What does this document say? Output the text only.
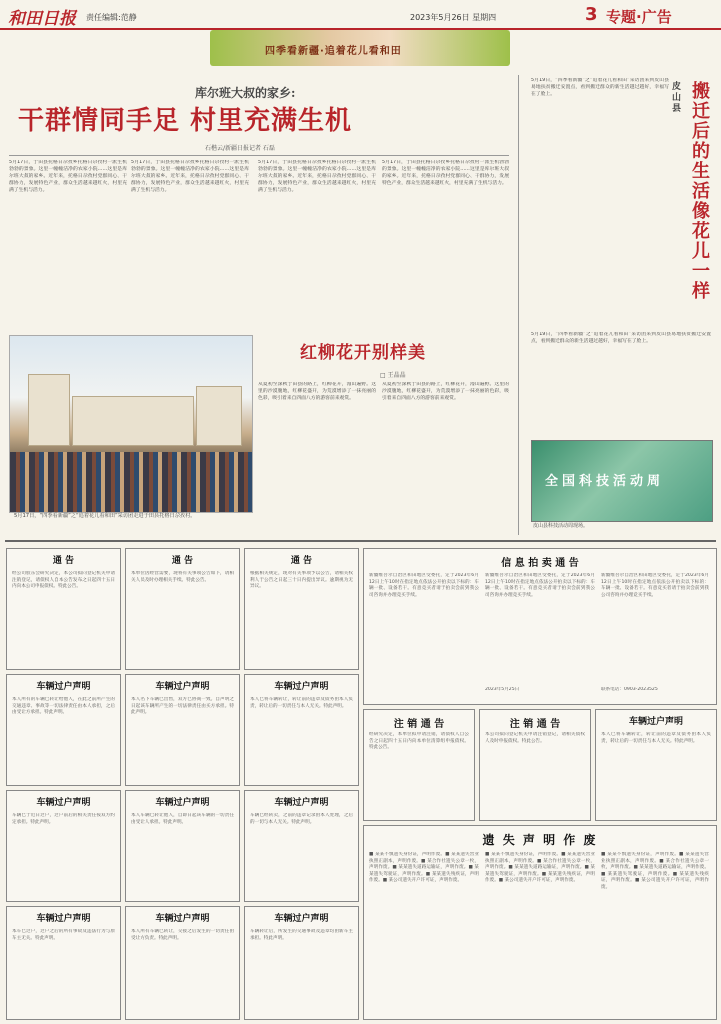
和田日报 责任编辑:范静	2023年5月26日 星期四	3 专题·广告
四季看新疆·追着花儿看和田
库尔班大叔的家乡:
干群情同手足 村里充满生机
石楷云/新疆日报记者 石磊
5月17日，于田县托格日尕孜乡托格日尕孜村一派生机勃勃的景象。这里一幢幢洁净的农家小院……这里是库尔班大叔的家乡。近年来，托格日尕孜村党群同心、干群协力，发展特色产业，群众生活越来越红火，村里充满了生机与活力。
5月17日，于田县托格日尕孜乡托格日尕孜村一派生机勃勃的景象。这里一幢幢洁净的农家小院……这里是库尔班大叔的家乡。近年来，托格日尕孜村党群同心、干群协力，发展特色产业，群众生活越来越红火，村里充满了生机与活力。
5月17日，于田县托格日尕孜乡托格日尕孜村一派生机勃勃的景象。这里一幢幢洁净的农家小院……这里是库尔班大叔的家乡。近年来，托格日尕孜村党群同心、干群协力，发展特色产业，群众生活越来越红火，村里充满了生机与活力。
5月17日，于田县托格日尕孜乡托格日尕孜村一派生机勃勃的景象。这里一幢幢洁净的农家小院……这里是库尔班大叔的家乡。近年来，托格日尕孜村党群同心、干群协力，发展特色产业，群众生活越来越红火，村里充满了生机与活力。
5月17日，“四季看新疆”之“追着花儿看和田”采访团走进于田县托格日尕孜村。
红柳花开别样美
□ 王晶晶
从夏初至深秋于田县的路上，红柳花开，漫山遍野。这里的沙漠腹地，红柳花盛开，为荒漠增添了一抹亮丽的色彩，吸引着来自四面八方的游客前来观赏。
从夏初至深秋于田县的路上，红柳花开，漫山遍野。这里的沙漠腹地，红柳花盛开，为荒漠增添了一抹亮丽的色彩，吸引着来自四面八方的游客前来观赏。
皮山县
搬迁后的生活像花儿一样
5月19日，“四季看新疆”之“追着花儿看和田”采访团来到皮山县易地扶贫搬迁安置点，看到搬迁群众的新生活越过越好，幸福写在了脸上。
5月19日，“四季看新疆”之“追着花儿看和田”采访团来到皮山县易地扶贫搬迁安置点，看到搬迁群众的新生活越过越好，幸福写在了脸上。
全国科技活动周
皮山县科技活动周现场。
通 告
经公司股东会研究决定，本公司拟向登记机关申请注销登记，请债权人自本公告发布之日起四十五日内向本公司申报债权。特此公告。
通 告
本单位因经营需要，现将有关事项公告如下，请相关人员及时办理相关手续。特此公告。
通 告
根据相关规定，现对有关事项予以公告，请相关权利人于公告之日起三十日内提出异议。逾期视为无异议。
信 息 拍 卖 通 告
新疆维吾尔自治区和田地区受委托，定于2023年6月12日上午10时在指定地点依法公开拍卖以下标的：车辆一批、设备若干。有意竞买者请于拍卖会前到我公司咨询并办理竞买手续。
新疆维吾尔自治区和田地区受委托，定于2023年6月12日上午10时在指定地点依法公开拍卖以下标的：车辆一批、设备若干。有意竞买者请于拍卖会前到我公司咨询并办理竞买手续。
2023年5月25日
新疆维吾尔自治区和田地区受委托，定于2023年6月12日上午10时在指定地点依法公开拍卖以下标的：车辆一批、设备若干。有意竞买者请于拍卖会前到我公司咨询并办理竞买手续。
联系电话：0903-2023525
车辆过户声明
本人所有的车辆已转让给他人，在此之前所产生的交通违章、事故等一切法律责任由本人承担，之后由受让方承担。特此声明。
车辆过户声明
本人名下车辆已出售，双方已协商一致。自声明之日起该车辆所产生的一切法律责任由买方承担。特此声明。
车辆过户声明
本人已将车辆转让，转让前的违章及债务由本人负责，转让后的一切责任与本人无关。特此声明。
车辆过户声明
车辆已于近日过户，过户前后的相关责任按双方约定承担。特此声明。
车辆过户声明
本人车辆已转让他人，自即日起该车辆的一切责任由受让人承担。特此声明。
车辆过户声明
车辆已经转卖，之前的违章记录由本人处理，之后的一切与本人无关。特此声明。
车辆过户声明
本车已过户，过户之后的所有事故及违法行为与原车主无关。特此声明。
车辆过户声明
本人所有车辆已转让，交接之后发生的一切责任由受让方负责。特此声明。
车辆过户声明
车辆转让后，所发生的交通事故及违章均由新车主承担。特此声明。
注 销 通 告
经研究决定，本单位拟申请注销，请债权人自公告之日起四十五日内向本单位清算组申报债权。特此公告。
注 销 通 告
本公司拟向登记机关申请注销登记，请相关债权人及时申报债权。特此公告。
车辆过户声明
本人已将车辆转让，转让前的违章及债务由本人负责，转让后的一切责任与本人无关。特此声明。
遗 失 声 明 作 废
■ 某某不慎遗失身份证，声明作废。■ 某某遗失营业执照正副本，声明作废。■ 某合作社遗失公章一枚，声明作废。■ 某某遗失道路运输证，声明作废。■ 某某遗失驾驶证，声明作废。■ 某某遗失残疾证，声明作废。■ 某公司遗失开户许可证，声明作废。
■ 某某不慎遗失身份证，声明作废。■ 某某遗失营业执照正副本，声明作废。■ 某合作社遗失公章一枚，声明作废。■ 某某遗失道路运输证，声明作废。■ 某某遗失驾驶证，声明作废。■ 某某遗失残疾证，声明作废。■ 某公司遗失开户许可证，声明作废。
■ 某某不慎遗失身份证，声明作废。■ 某某遗失营业执照正副本，声明作废。■ 某合作社遗失公章一枚，声明作废。■ 某某遗失道路运输证，声明作废。■ 某某遗失驾驶证，声明作废。■ 某某遗失残疾证，声明作废。■ 某公司遗失开户许可证，声明作废。
